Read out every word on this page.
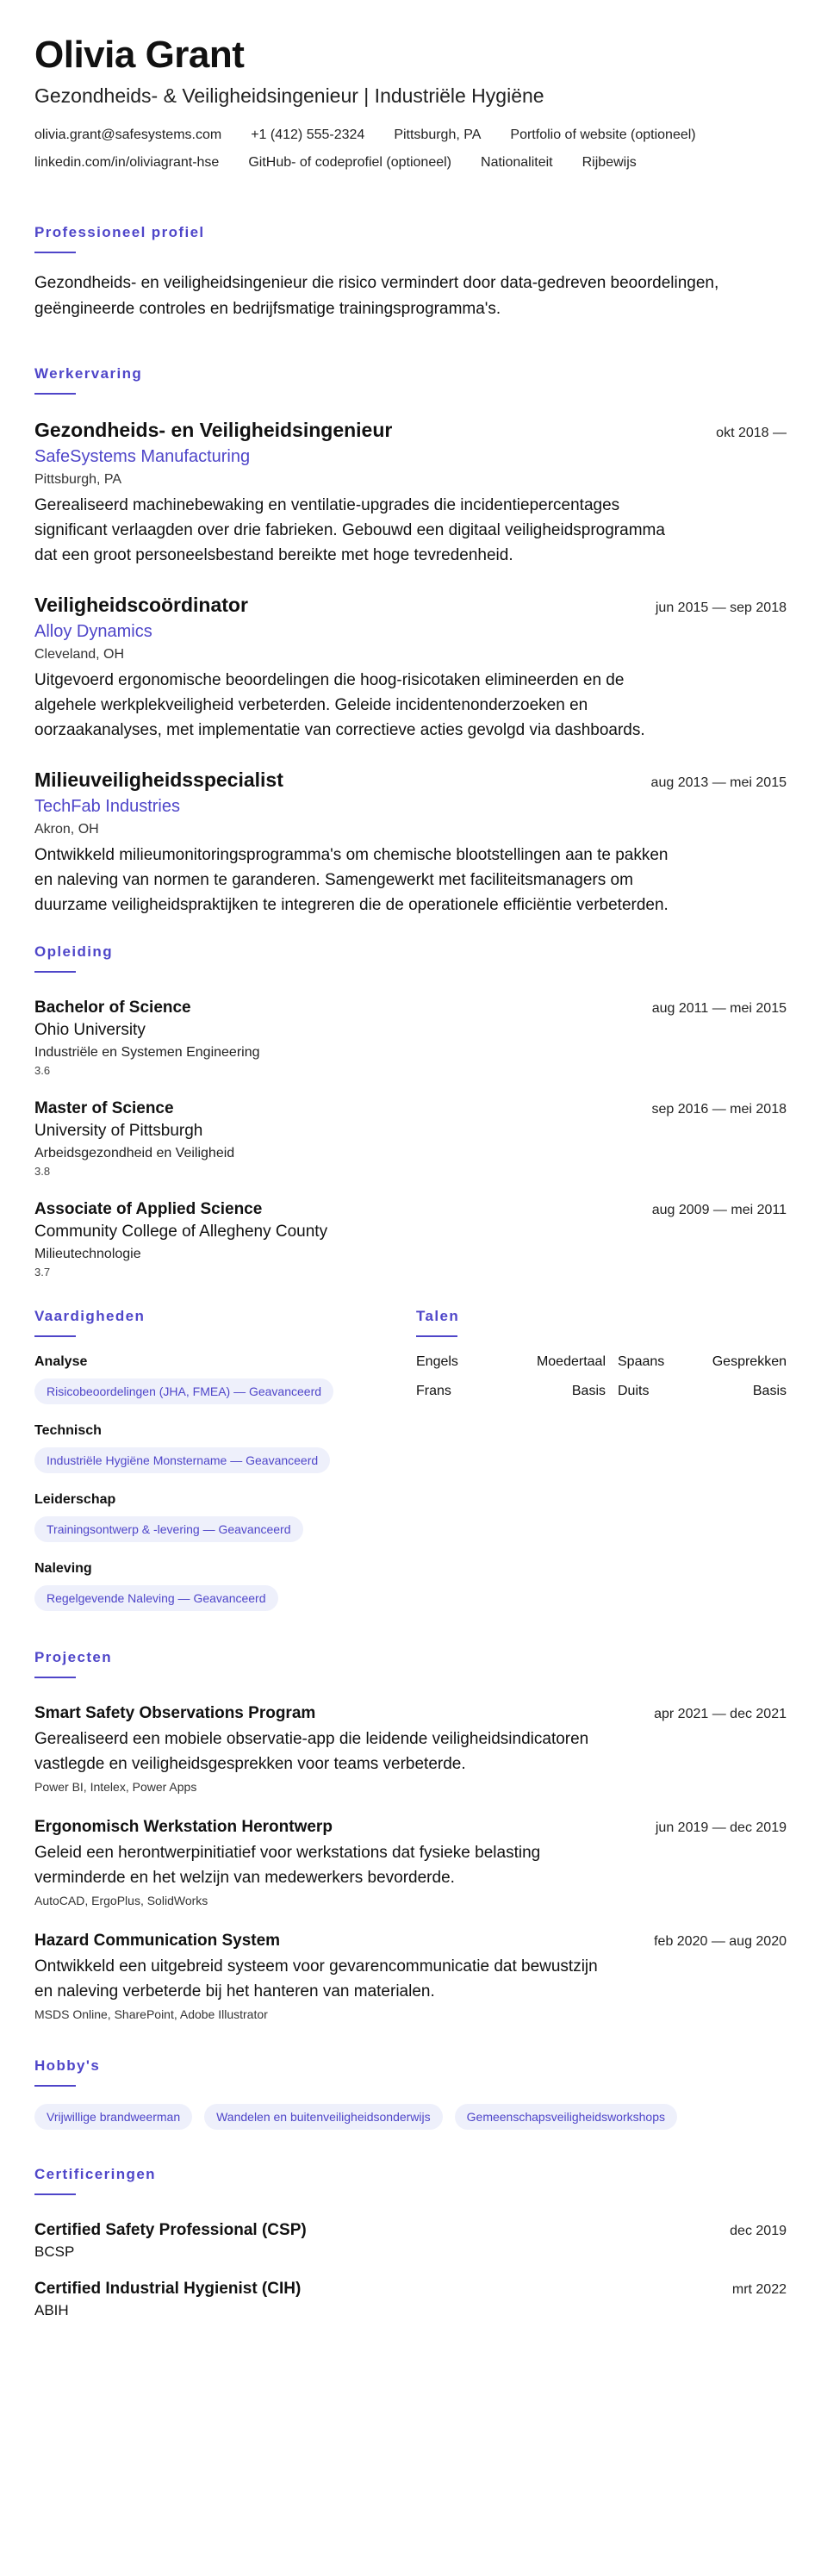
Olivia Grant
Gezondheids- & Veiligheidsingenieur | Industriële Hygiëne
olivia.grant@safesystems.com +1 (412) 555-2324 Pittsburgh, PA Portfolio of website (optioneel)
linkedin.com/in/oliviagrant-hse GitHub- of codeprofiel (optioneel) Nationaliteit Rijbewijs
Professioneel profiel
Gezondheids- en veiligheidsingenieur die risico vermindert door data-gedreven beoordelingen, geëngineerde controles en bedrijfsmatige trainingsprogramma's.
Werkervaring
Gezondheids- en Veiligheidsingenieur	okt 2018 —
SafeSystems Manufacturing
Pittsburgh, PA
Gerealiseerd machinebewaking en ventilatie-upgrades die incidentiepercentages significant verlaagden over drie fabrieken. Gebouwd een digitaal veiligheidsprogramma dat een groot personeelsbestand bereikte met hoge tevredenheid.
Veiligheidscoördinator	jun 2015 — sep 2018
Alloy Dynamics
Cleveland, OH
Uitgevoerd ergonomische beoordelingen die hoog-risicotaken elimineerden en de algehele werkplekveiligheid verbeterden. Geleide incidentenonderzoeken en oorzaakanalyses, met implementatie van correctieve acties gevolgd via dashboards.
Milieuveiligheidsspecialist	aug 2013 — mei 2015
TechFab Industries
Akron, OH
Ontwikkeld milieumonitoringsprogramma's om chemische blootstellingen aan te pakken en naleving van normen te garanderen. Samengewerkt met faciliteitsmanagers om duurzame veiligheidspraktijken te integreren die de operationele efficiëntie verbeterden.
Opleiding
Bachelor of Science	aug 2011 — mei 2015
Ohio University
Industriële en Systemen Engineering
3.6
Master of Science	sep 2016 — mei 2018
University of Pittsburgh
Arbeidsgezondheid en Veiligheid
3.8
Associate of Applied Science	aug 2009 — mei 2011
Community College of Allegheny County
Milieutechnologie
3.7
Vaardigheden
Analyse
Risicobeoordelingen (JHA, FMEA) — Geavanceerd
Technisch
Industriële Hygiëne Monstername — Geavanceerd
Leiderschap
Trainingsontwerp & -levering — Geavanceerd
Naleving
Regelgevende Naleving — Geavanceerd
Talen
Engels	Moedertaal Spaans	Gesprekken
Frans	Basis Duits	Basis
Projecten
Smart Safety Observations Program	apr 2021 — dec 2021
Gerealiseerd een mobiele observatie-app die leidende veiligheidsindicatoren vastlegde en veiligheidsgesprekken voor teams verbeterde.
Power BI, Intelex, Power Apps
Ergonomisch Werkstation Herontwerp	jun 2019 — dec 2019
Geleid een herontwerpinitiatief voor werkstations dat fysieke belasting verminderde en het welzijn van medewerkers bevorderde.
AutoCAD, ErgoPlus, SolidWorks
Hazard Communication System	feb 2020 — aug 2020
Ontwikkeld een uitgebreid systeem voor gevarencommunicatie dat bewustzijn en naleving verbeterde bij het hanteren van materialen.
MSDS Online, SharePoint, Adobe Illustrator
Hobby's
Vrijwillige brandweerman	Wandelen en buitenveiligheidsonderwijs	Gemeenschapsveiligheidsworkshops
Certificeringen
Certified Safety Professional (CSP)	dec 2019
BCSP
Certified Industrial Hygienist (CIH)	mrt 2022
ABIH
